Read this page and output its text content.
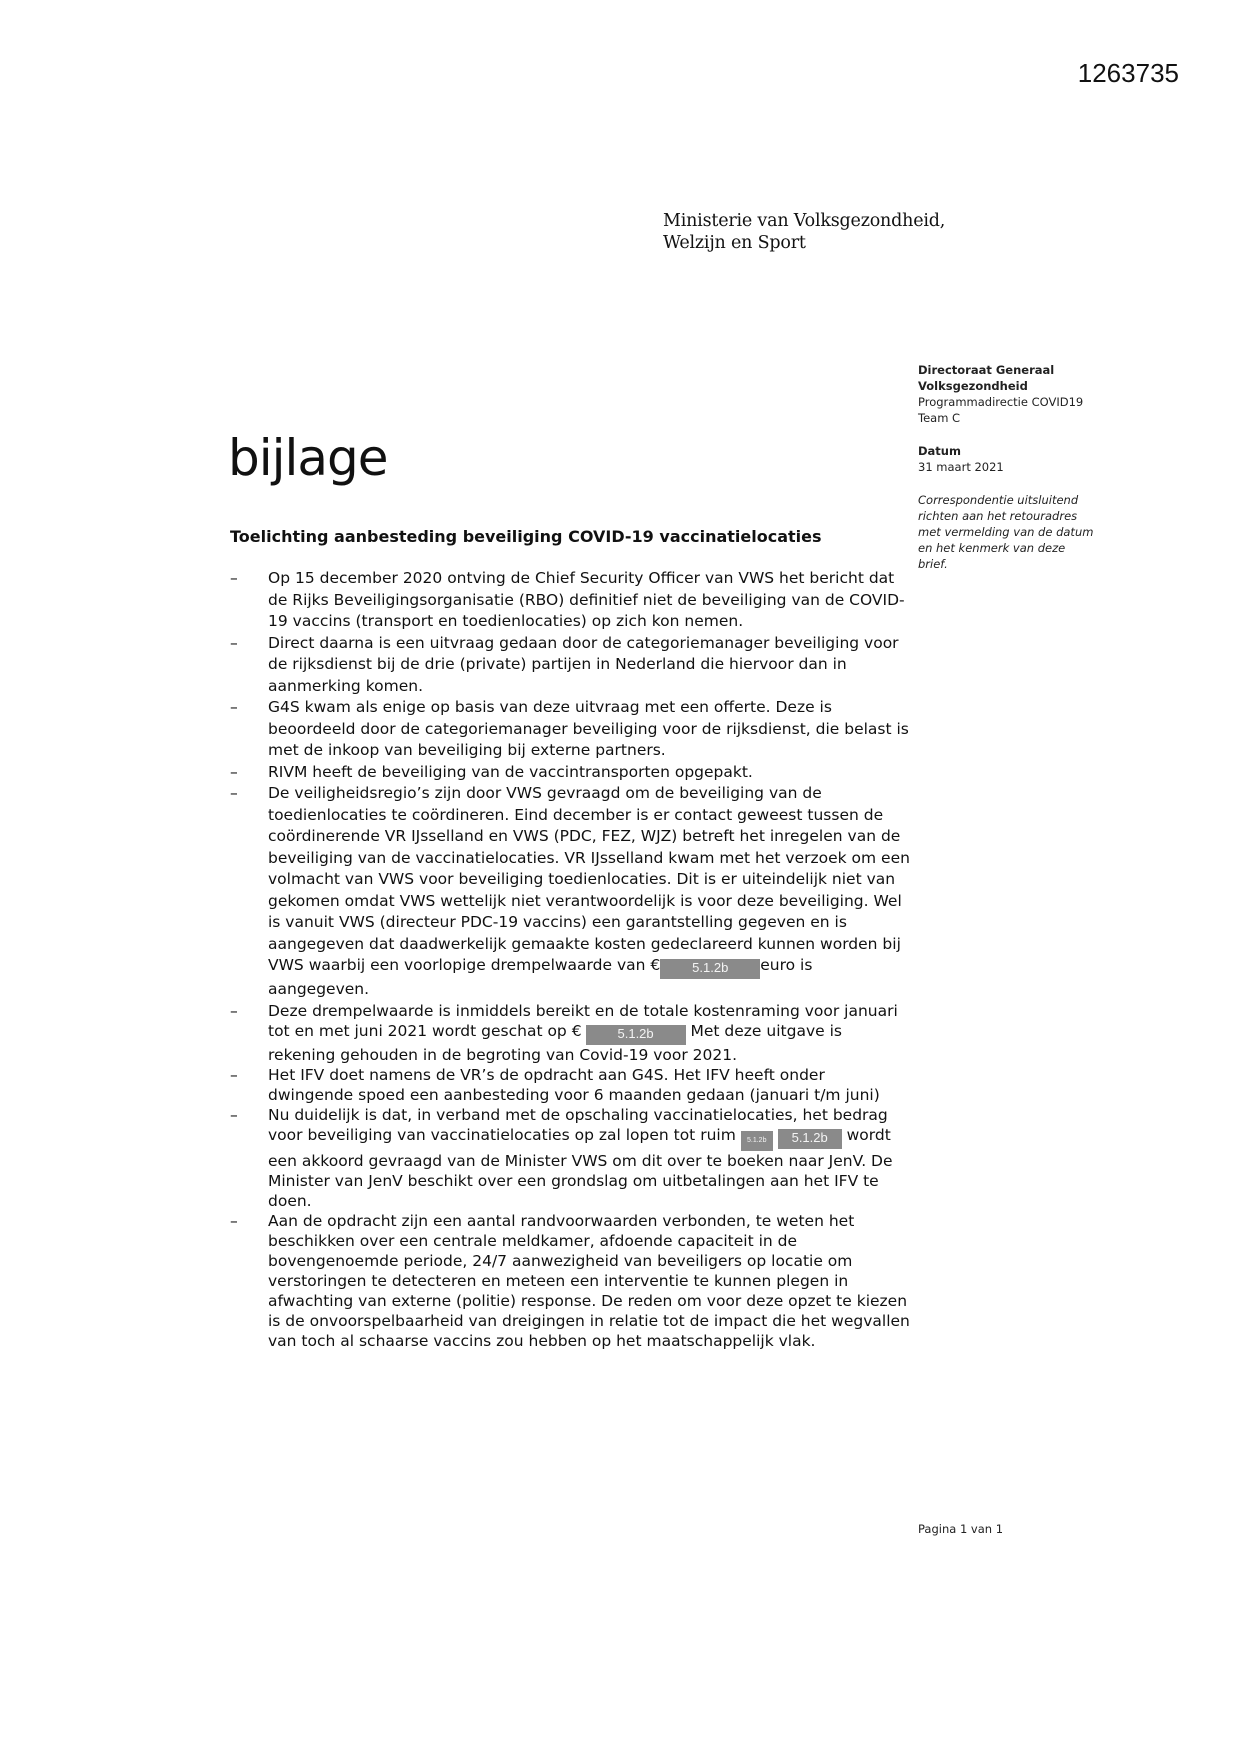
1263735
Ministerie van Volksgezondheid,
Welzijn en Sport
Directoraat Generaal
Volksgezondheid
Programmadirectie COVID19
Team C
Datum
31 maart 2021
Correspondentie uitsluitend
richten aan het retouradres
met vermelding van de datum
en het kenmerk van deze
brief.
bijlage
Toelichting aanbesteding beveiliging COVID-19 vaccinatielocaties
– Op 15 december 2020 ontving de Chief Security Officer van VWS het bericht dat de Rijks Beveiligingsorganisatie (RBO) definitief niet de beveiliging van de COVID-19 vaccins (transport en toedienlocaties) op zich kon nemen.
– Direct daarna is een uitvraag gedaan door de categoriemanager beveiliging voor de rijksdienst bij de drie (private) partijen in Nederland die hiervoor dan in aanmerking komen.
– G4S kwam als enige op basis van deze uitvraag met een offerte. Deze is beoordeeld door de categoriemanager beveiliging voor de rijksdienst, die belast is met de inkoop van beveiliging bij externe partners.
– RIVM heeft de beveiliging van de vaccintransporten opgepakt.
– De veiligheidsregio’s zijn door VWS gevraagd om de beveiliging van de toedienlocaties te coördineren. Eind december is er contact geweest tussen de coördinerende VR IJsselland en VWS (PDC, FEZ, WJZ) betreft het inregelen van de beveiliging van de vaccinatielocaties. VR IJsselland kwam met het verzoek om een volmacht van VWS voor beveiliging toedienlocaties. Dit is er uiteindelijk niet van gekomen omdat VWS wettelijk niet verantwoordelijk is voor deze beveiliging. Wel is vanuit VWS (directeur PDC-19 vaccins) een garantstelling gegeven en is aangegeven dat daadwerkelijk gemaakte kosten gedeclareerd kunnen worden bij VWS waarbij een voorlopige drempelwaarde van € 5.1.2b euro is aangegeven.
– Deze drempelwaarde is inmiddels bereikt en de totale kostenraming voor januari tot en met juni 2021 wordt geschat op €	5.1.2b Met deze uitgave is rekening gehouden in de begroting van Covid-19 voor 2021.
– Het IFV doet namens de VR’s de opdracht aan G4S. Het IFV heeft onder dwingende spoed een aanbesteding voor 6 maanden gedaan (januari t/m juni)
– Nu duidelijk is dat, in verband met de opschaling vaccinatielocaties, het bedrag voor beveiliging van vaccinatielocaties op zal lopen tot ruim 5.1.2b 5.1.2b wordt een akkoord gevraagd van de Minister VWS om dit over te boeken naar JenV. De Minister van JenV beschikt over een grondslag om uitbetalingen aan het IFV te doen.
– Aan de opdracht zijn een aantal randvoorwaarden verbonden, te weten het beschikken over een centrale meldkamer, afdoende capaciteit in de bovengenoemde periode, 24/7 aanwezigheid van beveiligers op locatie om verstoringen te detecteren en meteen een interventie te kunnen plegen in afwachting van externe (politie) response. De reden om voor deze opzet te kiezen is de onvoorspelbaarheid van dreigingen in relatie tot de impact die het wegvallen van toch al schaarse vaccins zou hebben op het maatschappelijk vlak.
Pagina 1 van 1
